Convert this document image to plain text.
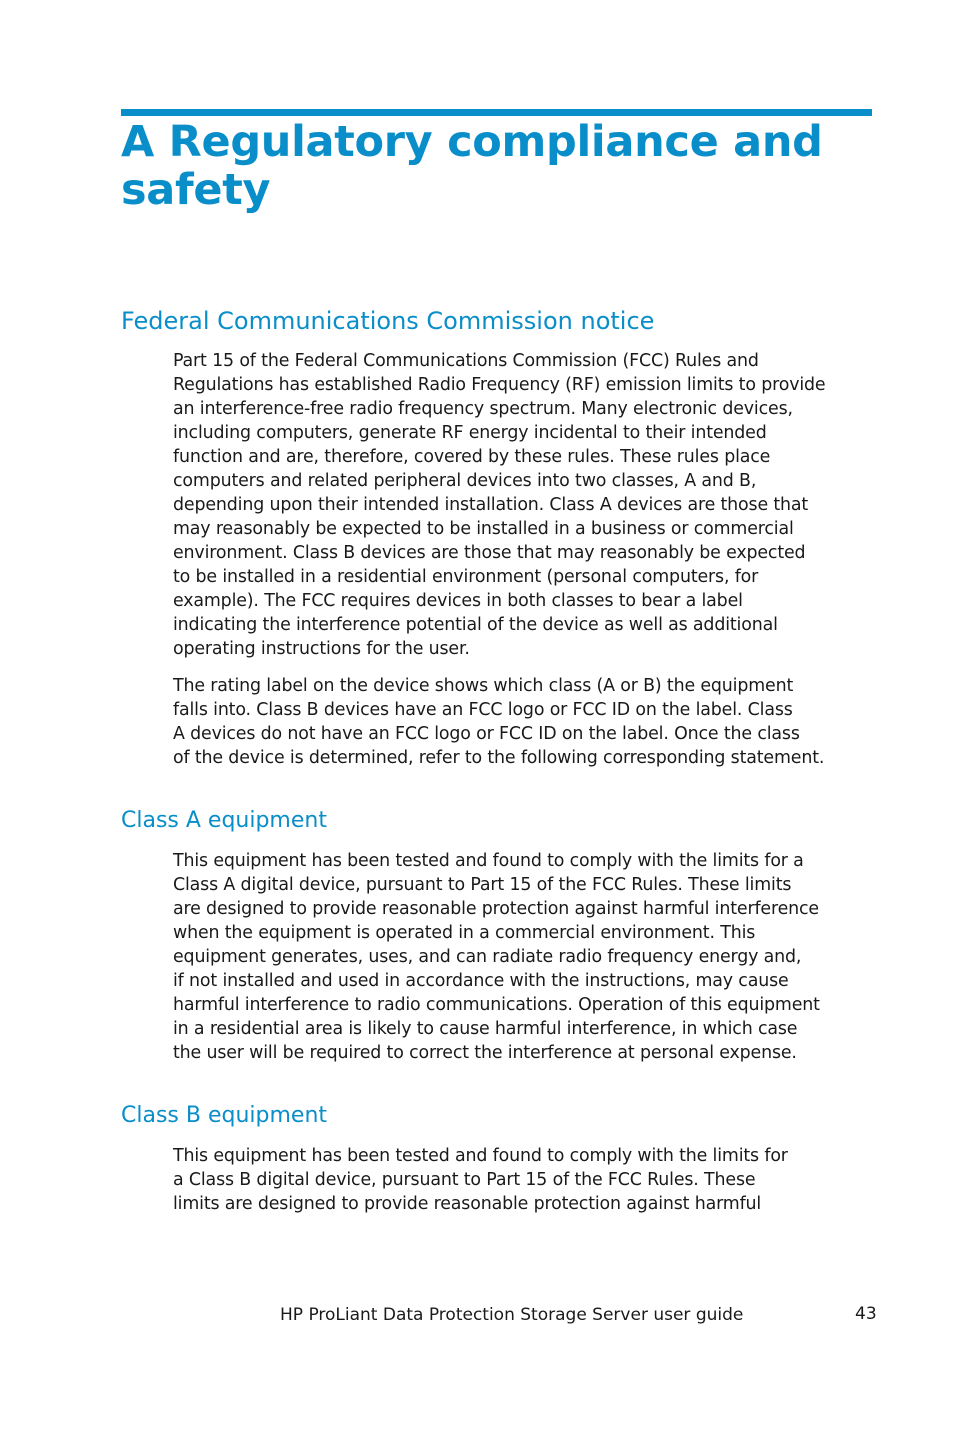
A Regulatory compliance and safety
Federal Communications Commission notice

Part 15 of the Federal Communications Commission (FCC) Rules and
Regulations has established Radio Frequency (RF) emission limits to provide
an interference-free radio frequency spectrum. Many electronic devices,
including computers, generate RF energy incidental to their intended
function and are, therefore, covered by these rules. These rules place
computers and related peripheral devices into two classes, A and B,
depending upon their intended installation. Class A devices are those that
may reasonably be expected to be installed in a business or commercial
environment. Class B devices are those that may reasonably be expected
to be installed in a residential environment (personal computers, for
example). The FCC requires devices in both classes to bear a label
indicating the interference potential of the device as well as additional
operating instructions for the user.

The rating label on the device shows which class (A or B) the equipment
falls into. Class B devices have an FCC logo or FCC ID on the label. Class
A devices do not have an FCC logo or FCC ID on the label. Once the class
of the device is determined, refer to the following corresponding statement.

Class A equipment

This equipment has been tested and found to comply with the limits for a
Class A digital device, pursuant to Part 15 of the FCC Rules. These limits
are designed to provide reasonable protection against harmful interference
when the equipment is operated in a commercial environment. This
equipment generates, uses, and can radiate radio frequency energy and,
if not installed and used in accordance with the instructions, may cause
harmful interference to radio communications. Operation of this equipment
in a residential area is likely to cause harmful interference, in which case
the user will be required to correct the interference at personal expense.

Class B equipment

This equipment has been tested and found to comply with the limits for
a Class B digital device, pursuant to Part 15 of the FCC Rules. These
limits are designed to provide reasonable protection against harmful

HP ProLiant Data Protection Storage Server user guide	43
